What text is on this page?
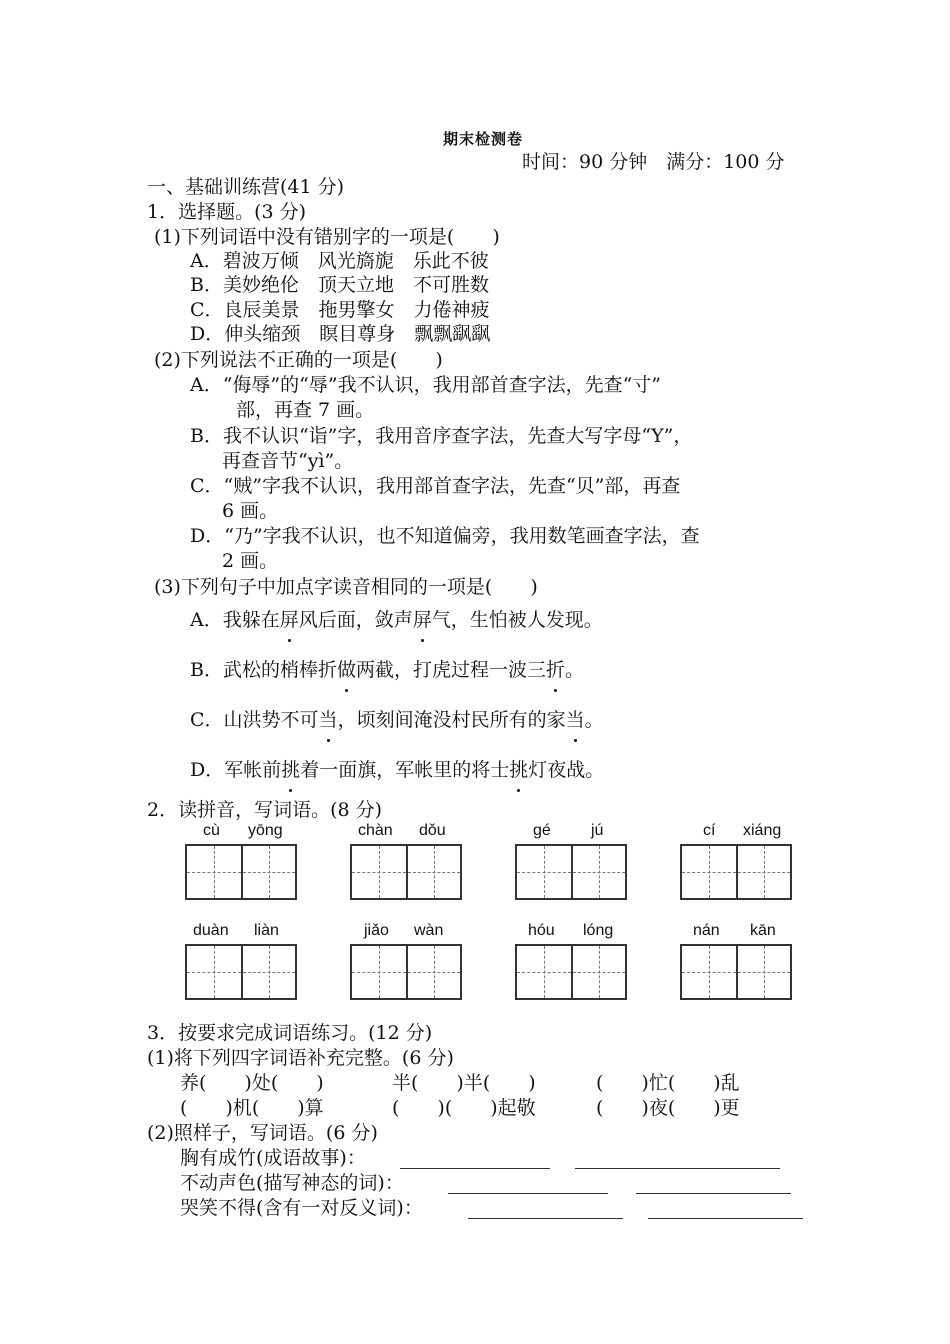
期末检测卷
时间：90 分钟　满分：100 分
一、基础训练营(41 分)
1．选择题。(3 分)
(1)下列词语中没有错别字的一项是(　　)
A．碧波万倾　风光旖旎　乐此不彼
B．美妙绝伦　顶天立地　不可胜数
C．良辰美景　拖男擎女　力倦神疲
D．伸头缩颈　瞑目尊身　飘飘飖飖
(2)下列说法不正确的一项是(　　)
A．“侮辱”的“辱”我不认识，我用部首查字法，先查“寸”
部，再查 7 画。
B．我不认识“诣”字，我用音序查字法，先查大写字母“Y”，
再查音节“yì”。
C．“贼”字我不认识，我用部首查字法，先查“贝”部，再查
6 画。
D．“乃”字我不认识，也不知道偏旁，我用数笔画查字法，查
2 画。
(3)下列句子中加点字读音相同的一项是(　　)
A．我躲在屏风后面，敛声屏气，生怕被人发现。
B．武松的梢棒折做两截，打虎过程一波三折。
C．山洪势不可当，顷刻间淹没村民所有的家当。
D．军帐前挑着一面旗，军帐里的将士挑灯夜战。
2．读拼音，写词语。(8 分)
cù yōng	chàn dǒu	gé	jú	cí xiáng
duàn liàn	jiǎo wàn	hóu lóng	nán kān
3．按要求完成词语练习。(12 分)
(1)将下列四字词语补充完整。(6 分)
养(　　)处(　　)	半(　　)半(　　)	(　　)忙(　　)乱
(　　)机(　　)算	(　　)(　　)起敬	(　　)夜(　　)更
(2)照样子，写词语。(6 分)
胸有成竹(成语故事)：
不动声色(描写神态的词)：
哭笑不得(含有一对反义词)：
